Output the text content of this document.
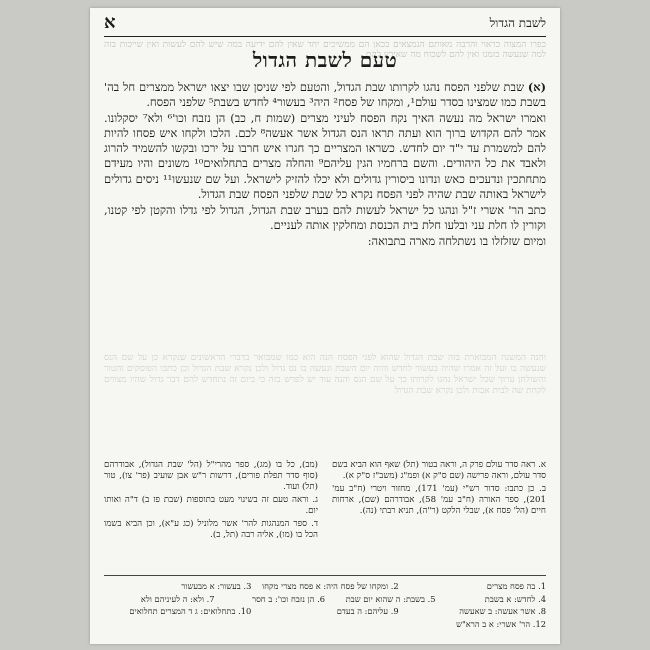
לשבת הגדול
א
כפרו המצוה כראוי והרבה מאותם הנמצאים בכאן הם ממשיכים יחד שאין להם ידיעה במה שיש להם לעשות ואין שייכות בזה למה שנעשה בזמנו ואין להם לשכוח מה שאירע להם
טעם לשבת הגדול

(א) שבת שלפני הפסח נהגו לקרותו שבת הגדול, והטעם לפי שניסן שבו יצאו ישראל ממצרים חל בה' בשבת כמו שמצינו בסדר עולם¹, ומקחו של פסח² היה³ בעשור⁴ לחדש בשבת⁵ שלפני הפסח.

ואמרו ישראל מה נעשה האיך נקח הפסח לעיני מצרים (שמות ח, כב) הן נזבח וכו'⁶ ולא⁷ יסקלונו. אמר להם הקדוש ברוך הוא ועתה תראו הנס הגדול אשר אעשה⁸ לכם. הלכו ולקחו איש פסחו להיות להם למשמרת עד י"ד יום לחדש. כשראו המצריים כך חגרו איש חרבו על ירכו ובקשו להשמיד להרוג ולאבד את כל היהודים. והשם ברחמיו הגין עליהם⁹ והחלה מצרים בתחלואים¹⁰ משונים והיו מעידם מתחתכין ונדעכים כאש ונדונו ביסורין גדולים ולא יכלו להזיק לישראל. ועל שם שנעשו¹¹ ניסים גדולים לישראל באותה שבת שהיה לפני הפסח נקרא כל שבת שלפני הפסח שבת הגדול.

כתב הר' אשרי ז"ל ונהגו כל ישראל לעשות להם בערב שבת הגדול, הגדול לפי גדלו והקטן לפי קטנו, וקורין לו חלת עני ובלעו חלת בית הכנסת ומחלקין אותה לעניים.

ומיום שזלזלו בו נשתלחה מארה בתבואה:

והנה המשנה המבוארת בזה שבת הגדול שהוא לפני הפסח הנה הוא כמו שמבואר בדברי הראשונים שנקרא כן על שם הנס שנעשה בו ועל זה אמרו שהיה בעשור לחדש והיה יום השבת ונעשה בו נס גדול ולכן נקרא שבת הגדול וכן כתבו הפוסקים והטור והשולחן ערוך שכל ישראל נהגו לקרותו כך על שם הנס והנה עוד יש לפרש בזה כי ביום זה נתחדש להם דבר גדול שהיו מצווים לקחת שה לבית אבות ולכן נקרא שבת הגדול

א. ראה סדר עולם פרק ה, וראה בטור (תל) שאף הוא הביא בשם סדר עולם, וראה פרישה (שם ס"ק א) ופמ"ג (משב"ז ס"ק א).

ב. כן כתבו: סדור רש"י (עמ' 171), מחזור ויטרי (ח"ב עמ' 201), ספר האורה (ח"ב עמ' 58), אבודרהם (שם), ארחות חיים (הל' פסח א), שבלי הלקט (ר"ה), תניא רבתי (נה).

(מב), כל בו (מג), ספר מהרי"ל (הל' שבת הגדול), אבודרהם (סוף סדר תפלת פורים), דרשות ר"ש אבן שועיב (פר' צו), טור (תל) ועוד.

ג. וראה טעם זה בשינוי מעט בתוספות (שבת פז ב) ד"ה ואותו יום.

ד. ספר המנהגות להר' אשר מלוניל (כג ע"א), וכן הביא בשמו הכל בו (מו), אליה רבה (תל, ב).

1. בה פסח מצרים
2. ומקחו של פסח היה: א פסח מצרי מקחו
3. בעשור: א מבעשור
4. לחדש: א בשבת
5. בשבת: ה שהוא יום שבת
6. הן נזבח וכו': ב חסר
7. ולא: ה לעיניהם ולא
8. אשר אעשה: ב שאעשה
9. עליהם: ה בעדם
10. בתחלואים: ג ד המצרים תחלואים
12. הר' אשרי: א ב הרא"ש
